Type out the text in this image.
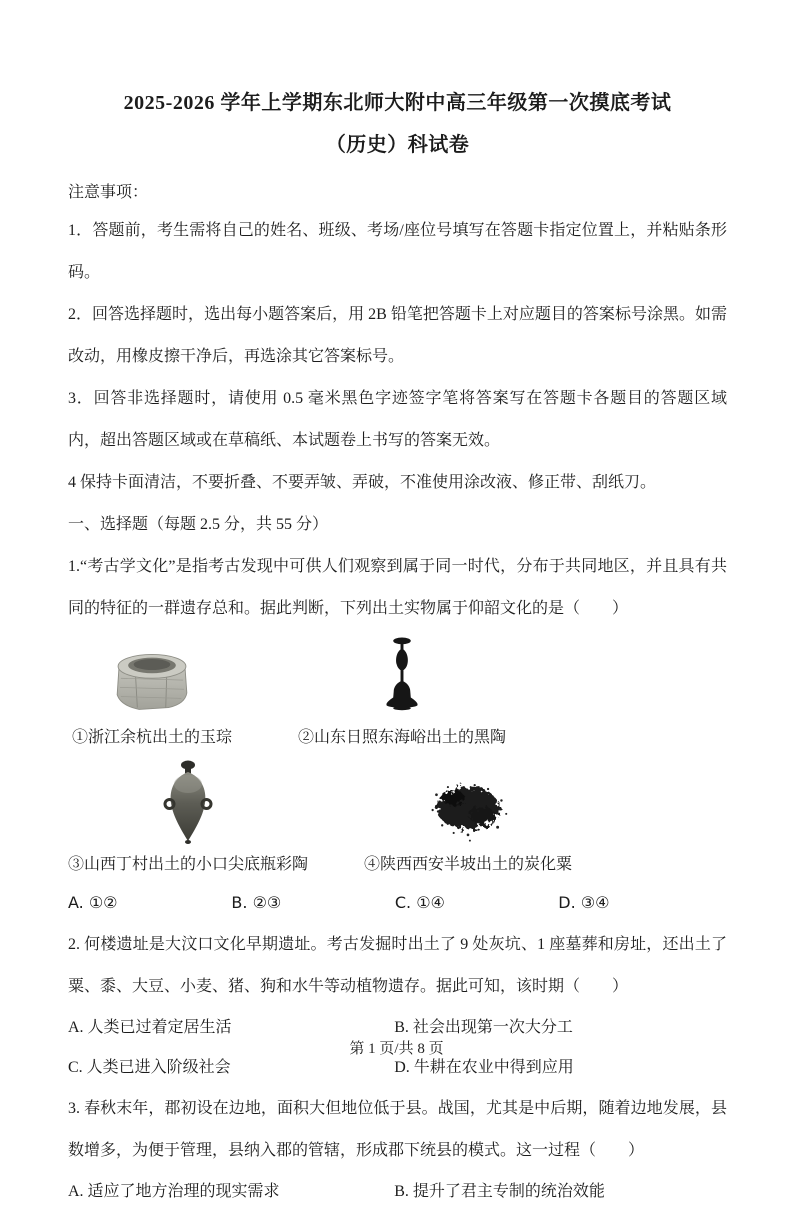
2025-2026 学年上学期东北师大附中高三年级第一次摸底考试
（历史）科试卷

注意事项：

1．答题前，考生需将自己的姓名、班级、考场/座位号填写在答题卡指定位置上，并粘贴条形码。

2．回答选择题时，选出每小题答案后，用 2B 铅笔把答题卡上对应题目的答案标号涂黑。如需改动，用橡皮擦干净后，再选涂其它答案标号。

3．回答非选择题时，请使用 0.5 毫米黑色字迹签字笔将答案写在答题卡各题目的答题区域内，超出答题区域或在草稿纸、本试题卷上书写的答案无效。

4 保持卡面清洁，不要折叠、不要弄皱、弄破，不准使用涂改液、修正带、刮纸刀。

一、选择题（每题 2.5 分，共 55 分）

1.“考古学文化”是指考古发现中可供人们观察到属于同一时代，分布于共同地区，并且具有共同的特征的一群遗存总和。据此判断，下列出土实物属于仰韶文化的是（　　）

①浙江余杭出土的玉琮	②山东日照东海峪出土的黑陶
③山西丁村出土的小口尖底瓶彩陶	④陕西西安半坡出土的炭化粟
A. ①②	B. ②③	C. ①④	D. ③④

2. 何楼遗址是大汶口文化早期遗址。考古发掘时出土了 9 处灰坑、1 座墓葬和房址，还出土了粟、黍、大豆、小麦、猪、狗和水牛等动植物遗存。据此可知，该时期（　　）

A. 人类已过着定居生活	B. 社会出现第一次大分工
C. 人类已进入阶级社会	D. 牛耕在农业中得到应用

3. 春秋末年，郡初设在边地，面积大但地位低于县。战国，尤其是中后期，随着边地发展，县数增多，为便于管理，县纳入郡的管辖，形成郡下统县的模式。这一过程（　　）

A. 适应了地方治理的现实需求	B. 提升了君主专制的统治效能
第 1 页/共 8 页
